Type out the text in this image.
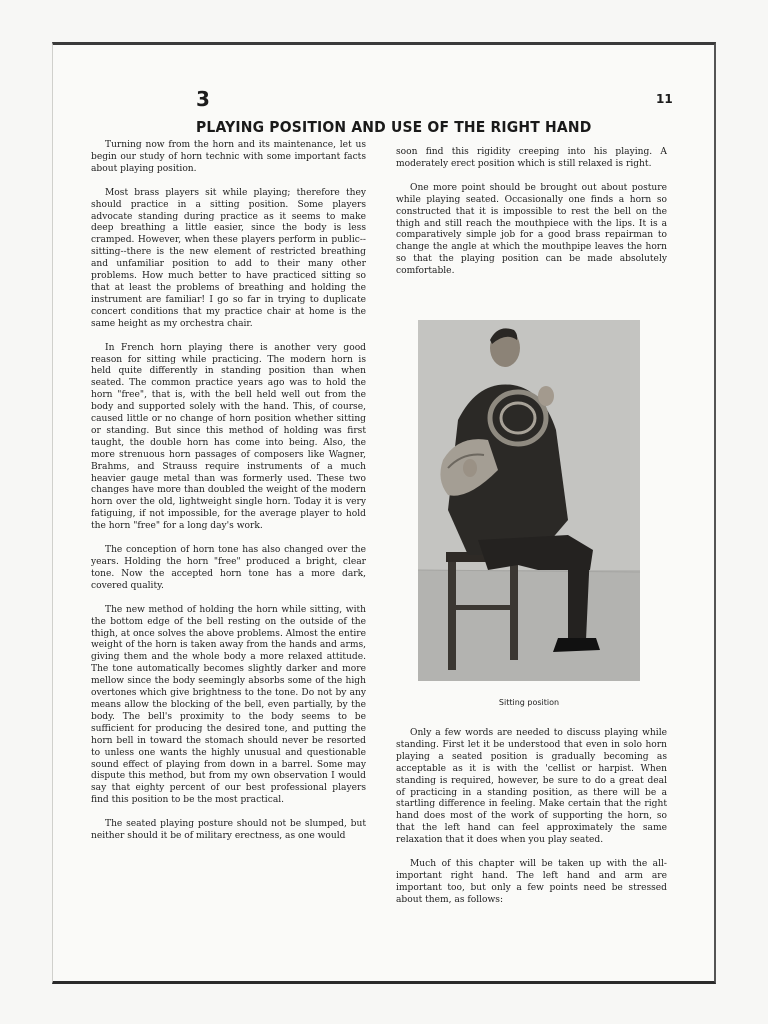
3	11
PLAYING POSITION AND USE OF THE RIGHT HAND

Turning now from the horn and its maintenance, let us begin our study of horn technic with some important facts about playing position.

Most brass players sit while playing; therefore they should practice in a sitting position. Some players advocate standing during practice as it seems to make deep breathing a little easier, since the body is less cramped. However, when these players perform in public--sitting--there is the new element of restricted breathing and unfamiliar position to add to their many other problems. How much better to have practiced sitting so that at least the problems of breathing and holding the instrument are familiar! I go so far in trying to duplicate concert conditions that my practice chair at home is the same height as my orchestra chair.

In French horn playing there is another very good reason for sitting while practicing. The modern horn is held quite differently in standing position than when seated. The common practice years ago was to hold the horn "free", that is, with the bell held well out from the body and supported solely with the hand. This, of course, caused little or no change of horn position whether sitting or standing. But since this method of holding was first taught, the double horn has come into being. Also, the more strenuous horn passages of composers like Wagner, Brahms, and Strauss require instruments of a much heavier gauge metal than was formerly used. These two changes have more than doubled the weight of the modern horn over the old, lightweight single horn. Today it is very fatiguing, if not impossible, for the average player to hold the horn "free" for a long day's work.

The conception of horn tone has also changed over the years. Holding the horn "free" produced a bright, clear tone. Now the accepted horn tone has a more dark, covered quality.

The new method of holding the horn while sitting, with the bottom edge of the bell resting on the outside of the thigh, at once solves the above problems. Almost the entire weight of the horn is taken away from the hands and arms, giving them and the whole body a more relaxed attitude. The tone automatically becomes slightly darker and more mellow since the body seemingly absorbs some of the high overtones which give brightness to the tone. Do not by any means allow the blocking of the bell, even partially, by the body. The bell's proximity to the body seems to be sufficient for producing the desired tone, and putting the horn bell in toward the stomach should never be resorted to unless one wants the highly unusual and questionable sound effect of playing from down in a barrel. Some may dispute this method, but from my own observation I would say that eighty percent of our best professional players find this position to be the most practical.

The seated playing posture should not be slumped, but neither should it be of military erectness, as one would

soon find this rigidity creeping into his playing. A moderately erect position which is still relaxed is right.

One more point should be brought out about posture while playing seated. Occasionally one finds a horn so constructed that it is impossible to rest the bell on the thigh and still reach the mouthpiece with the lips. It is a comparatively simple job for a good brass repairman to change the angle at which the mouthpipe leaves the horn so that the playing position can be made absolutely comfortable.

Sitting position

Only a few words are needed to discuss playing while standing. First let it be understood that even in solo horn playing a seated position is gradually becoming as acceptable as it is with the 'cellist or harpist. When standing is required, however, be sure to do a great deal of practicing in a standing position, as there will be a startling difference in feeling. Make certain that the right hand does most of the work of supporting the horn, so that the left hand can feel approximately the same relaxation that it does when you play seated.

Much of this chapter will be taken up with the all-important right hand. The left hand and arm are important too, but only a few points need be stressed about them, as follows:
